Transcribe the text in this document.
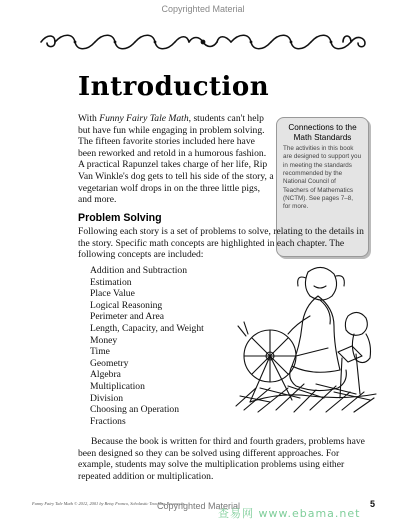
Copyrighted Material
Introduction

With Funny Fairy Tale Math, students can't help but have fun while engaging in problem solving. The fifteen favorite stories included here have been reworked and retold in a humorous fashion. A practical Rapunzel takes charge of her life, Rip Van Winkle's dog gets to tell his side of the story, a vegetarian wolf drops in on the three little pigs, and more.

Connections to the Math Standards
The activities in this book are designed to support you in meeting the standards recommended by the National Council of Teachers of Mathematics (NCTM). See pages 7–8, for more.
Problem Solving

Following each story is a set of problems to solve, relating to the details in the story. Specific math concepts are highlighted in each chapter. The following concepts are included:

Addition and Subtraction
Estimation
Place Value
Logical Reasoning
Perimeter and Area
Length, Capacity, and Weight
Money
Time
Geometry
Algebra
Multiplication
Division
Choosing an Operation
Fractions

Because the book is written for third and fourth graders, problems have been designed so they can be solved using different approaches. For example, students may solve the multiplication problems using either repeated addition or multiplication.

Funny Fairy Tale Math © 2012, 2001 by Betsy Franco, Scholastic Teaching Resources
Copyrighted Material
查易网 www.ebama.net
5
